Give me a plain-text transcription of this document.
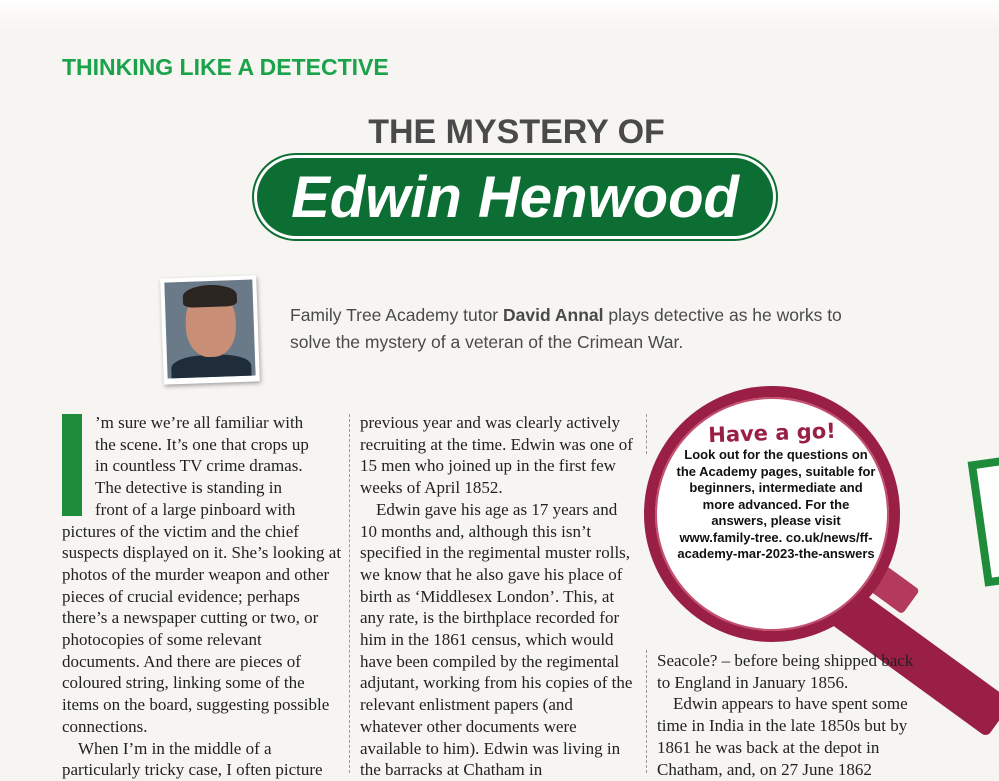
THINKING LIKE A DETECTIVE
THE MYSTERY OF
Edwin Henwood
Family Tree Academy tutor David Annal plays detective as he works to solve the mystery of a veteran of the Crimean War.

’m sure we’re all familiar with

the scene. It’s one that crops up

in countless TV crime dramas.

The detective is standing in

front of a large pinboard with

pictures of the victim and the chief suspects displayed on it. She’s looking at photos of the murder weapon and other pieces of crucial evidence; perhaps there’s a newspaper cutting or two, or photocopies of some relevant documents. And there are pieces of coloured string, linking some of the items on the board, suggesting possible connections.

When I’m in the middle of a particularly tricky case, I often picture

previous year and was clearly actively recruiting at the time. Edwin was one of 15 men who joined up in the first few weeks of April 1852.

Edwin gave his age as 17 years and 10 months and, although this isn’t specified in the regimental muster rolls, we know that he also gave his place of birth as ‘Middlesex London’. This, at any rate, is the birthplace recorded for him in the 1861 census, which would have been compiled by the regimental adjutant, working from his copies of the relevant enlistment papers (and whatever other documents were available to him). Edwin was living in the barracks at Chatham in

Have a go!
Look out for the questions on the Academy pages, suitable for beginners, intermediate and more advanced. For the answers, please visit www.family-tree. co.uk/news/ff-academy-mar-2023-the-answers

Seacole? – before being shipped back to England in January 1856.

Edwin appears to have spent some time in India in the late 1850s but by 1861 he was back at the depot in Chatham, and, on 27 June 1862
